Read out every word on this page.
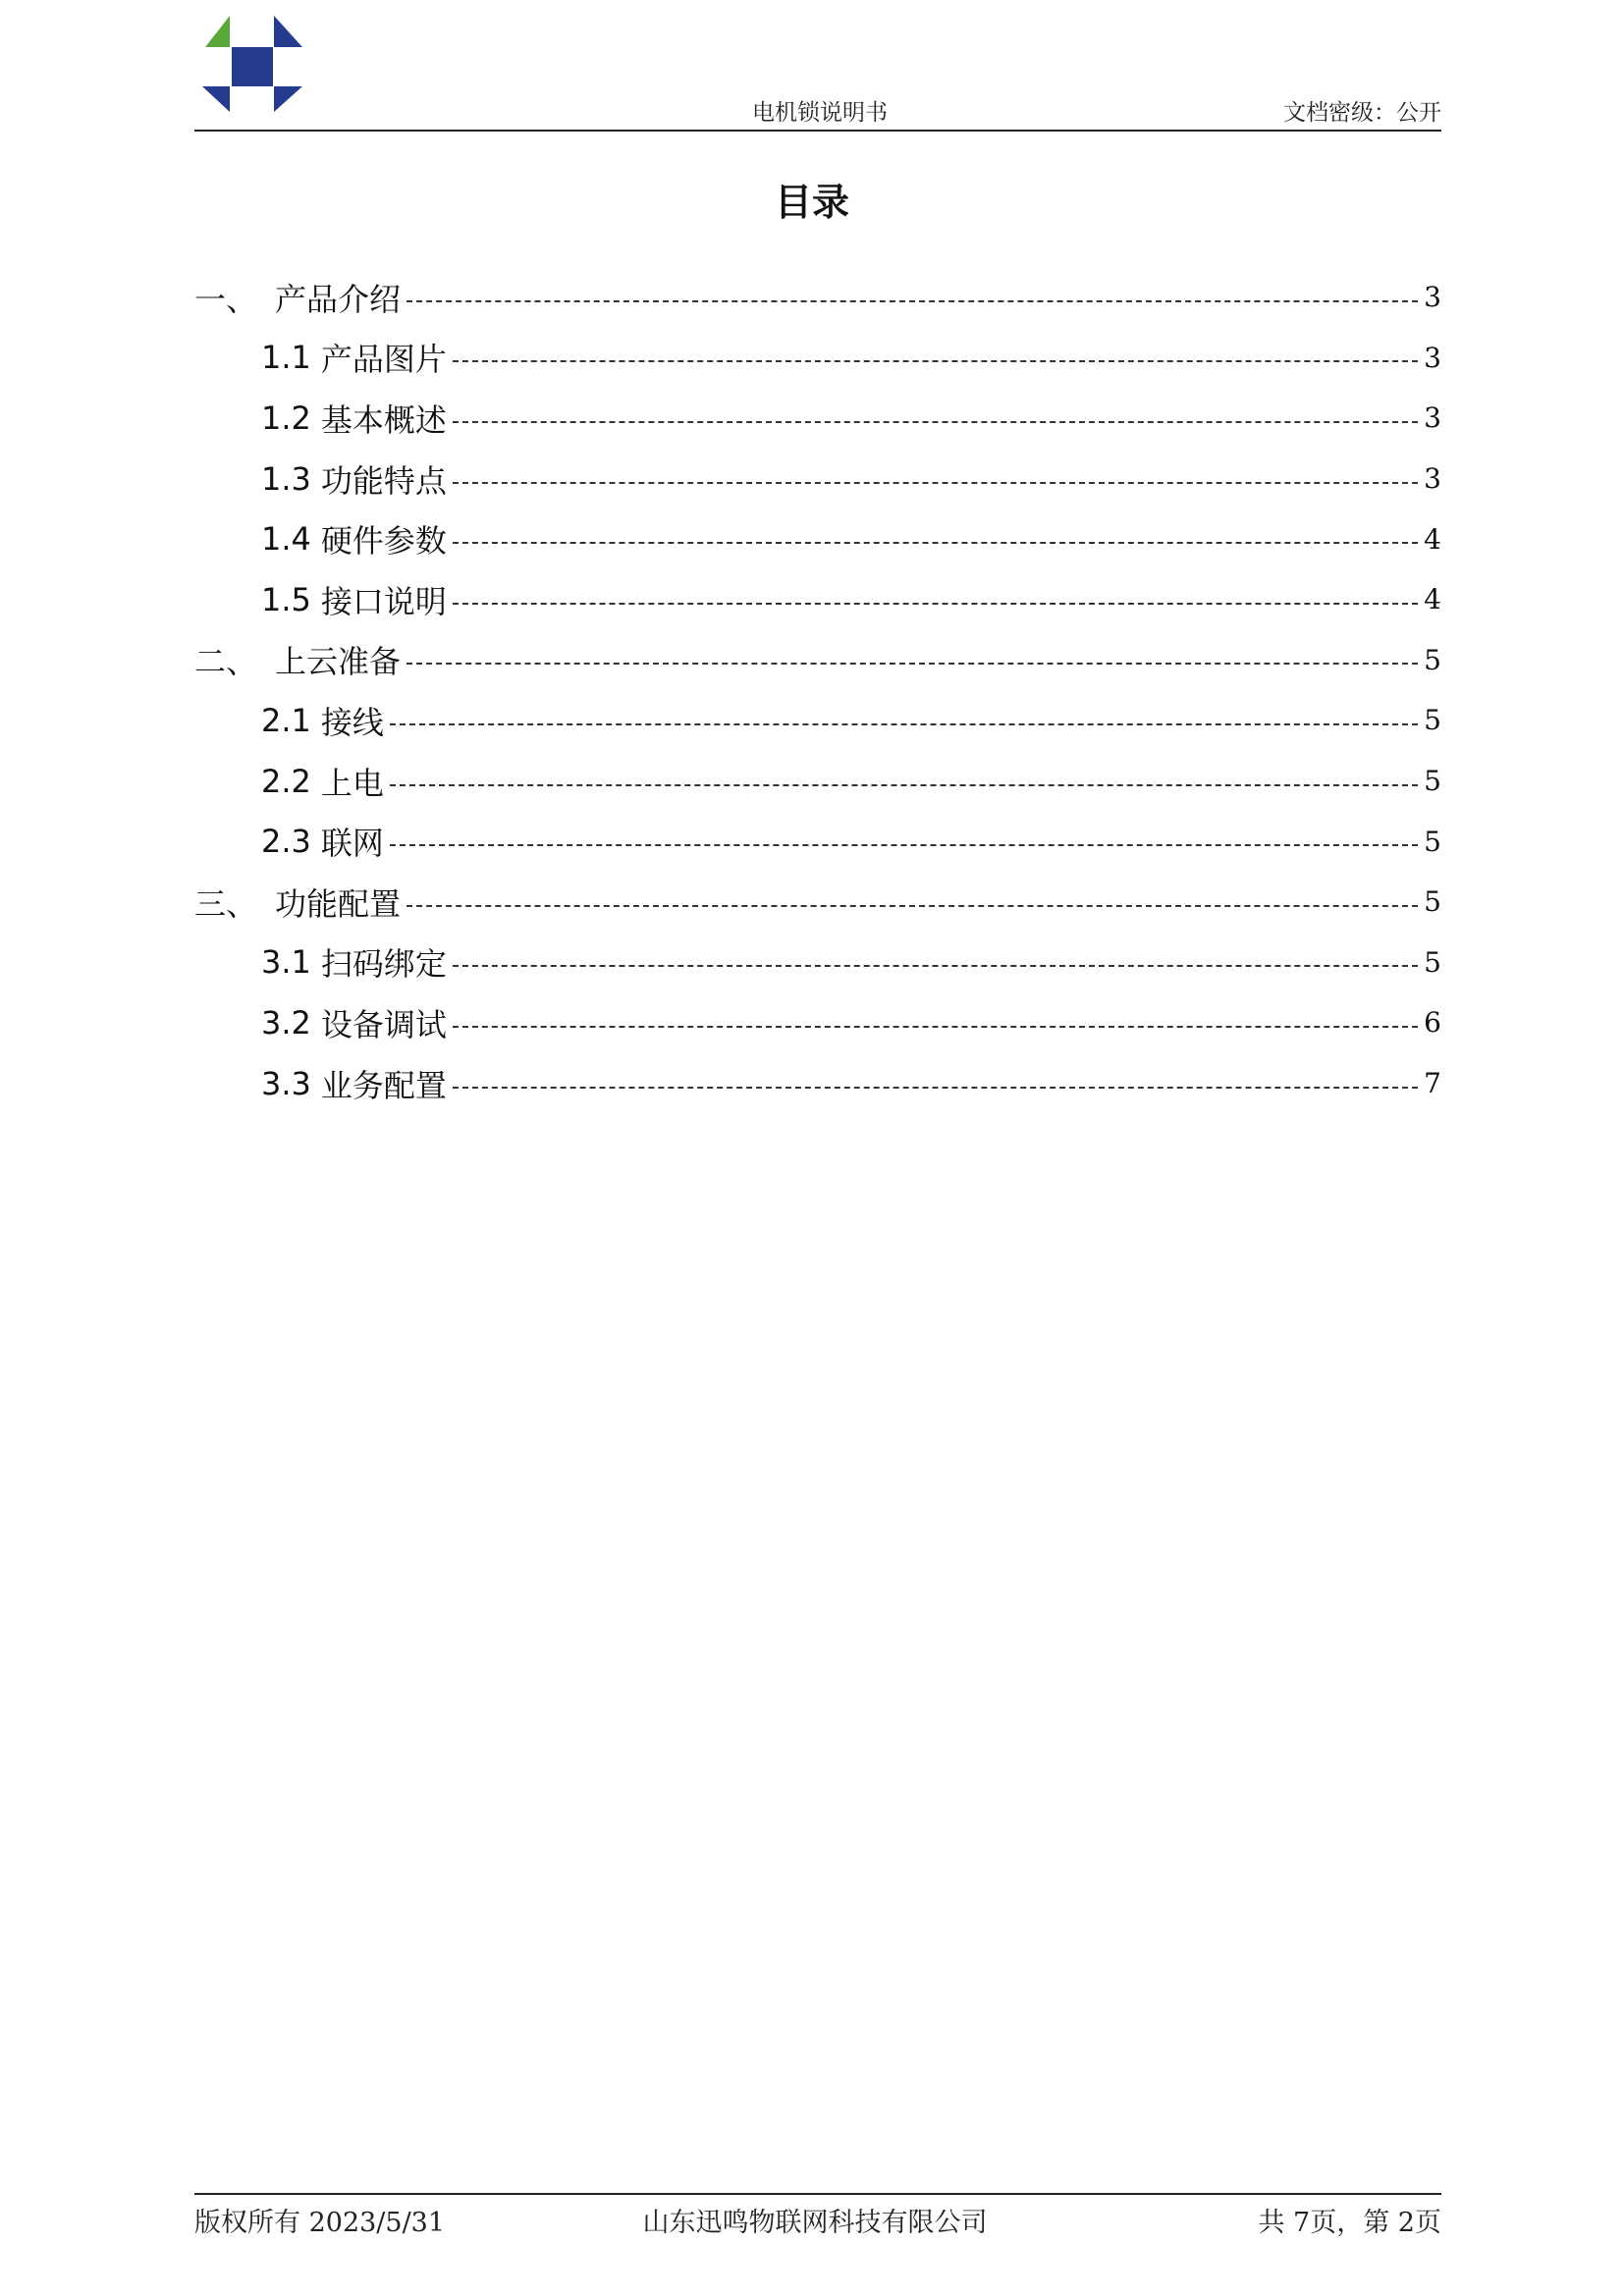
电机锁说明书	文档密级：公开
目录
一、 产品介绍	3
1.1 产品图片	3
1.2 基本概述	3
1.3 功能特点	3
1.4 硬件参数	4
1.5 接口说明	4
二、 上云准备	5
2.1 接线	5
2.2 上电	5
2.3 联网	5
三、 功能配置	5
3.1 扫码绑定	5
3.2 设备调试	6
3.3 业务配置	7
版权所有 2023/5/31	山东迅鸣物联网科技有限公司	共 7页，第 2页
